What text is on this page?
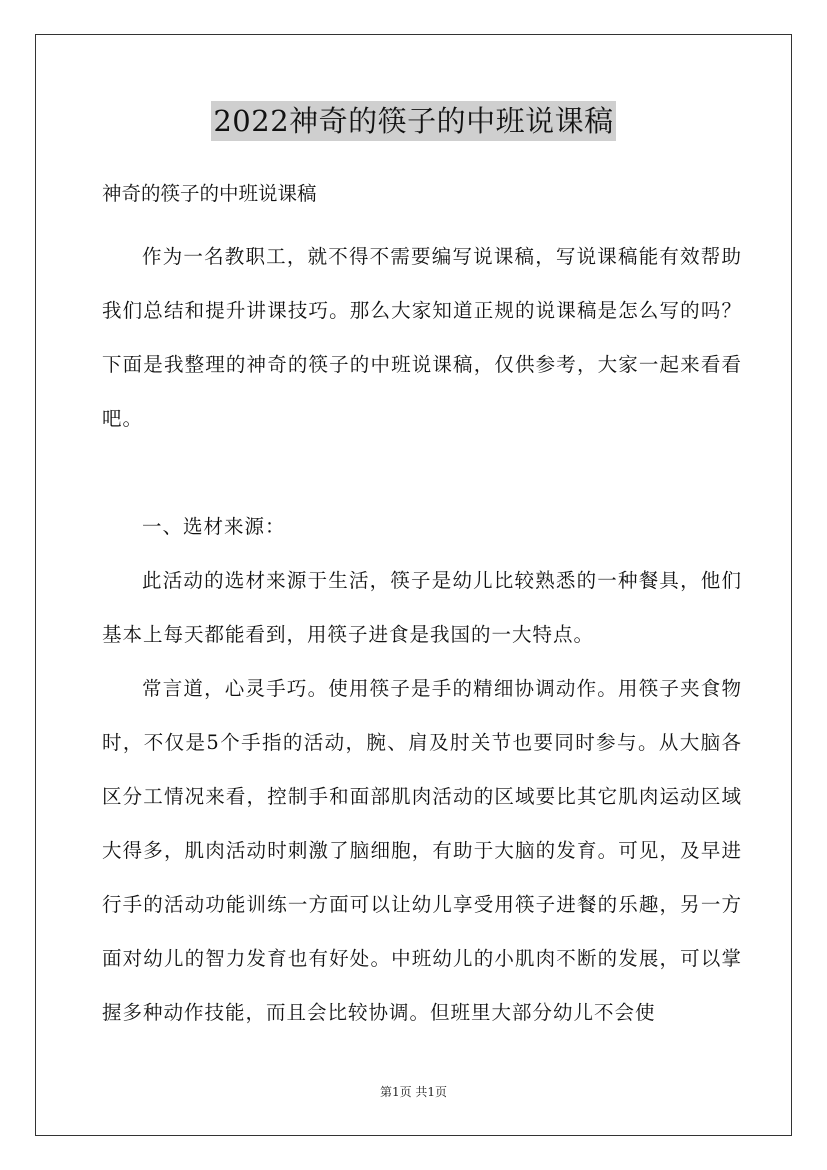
2022神奇的筷子的中班说课稿

神奇的筷子的中班说课稿

作为一名教职工，就不得不需要编写说课稿，写说课稿能有效帮助我们总结和提升讲课技巧。那么大家知道正规的说课稿是怎么写的吗？下面是我整理的神奇的筷子的中班说课稿，仅供参考，大家一起来看看吧。

一、选材来源：

此活动的选材来源于生活，筷子是幼儿比较熟悉的一种餐具，他们基本上每天都能看到，用筷子进食是我国的一大特点。

常言道，心灵手巧。使用筷子是手的精细协调动作。用筷子夹食物时，不仅是5个手指的活动，腕、肩及肘关节也要同时参与。从大脑各区分工情况来看，控制手和面部肌肉活动的区域要比其它肌肉运动区域大得多，肌肉活动时刺激了脑细胞，有助于大脑的发育。可见，及早进行手的活动功能训练一方面可以让幼儿享受用筷子进餐的乐趣，另一方面对幼儿的智力发育也有好处。中班幼儿的小肌肉不断的发展，可以掌握多种动作技能，而且会比较协调。但班里大部分幼儿不会使

第1页 共1页
